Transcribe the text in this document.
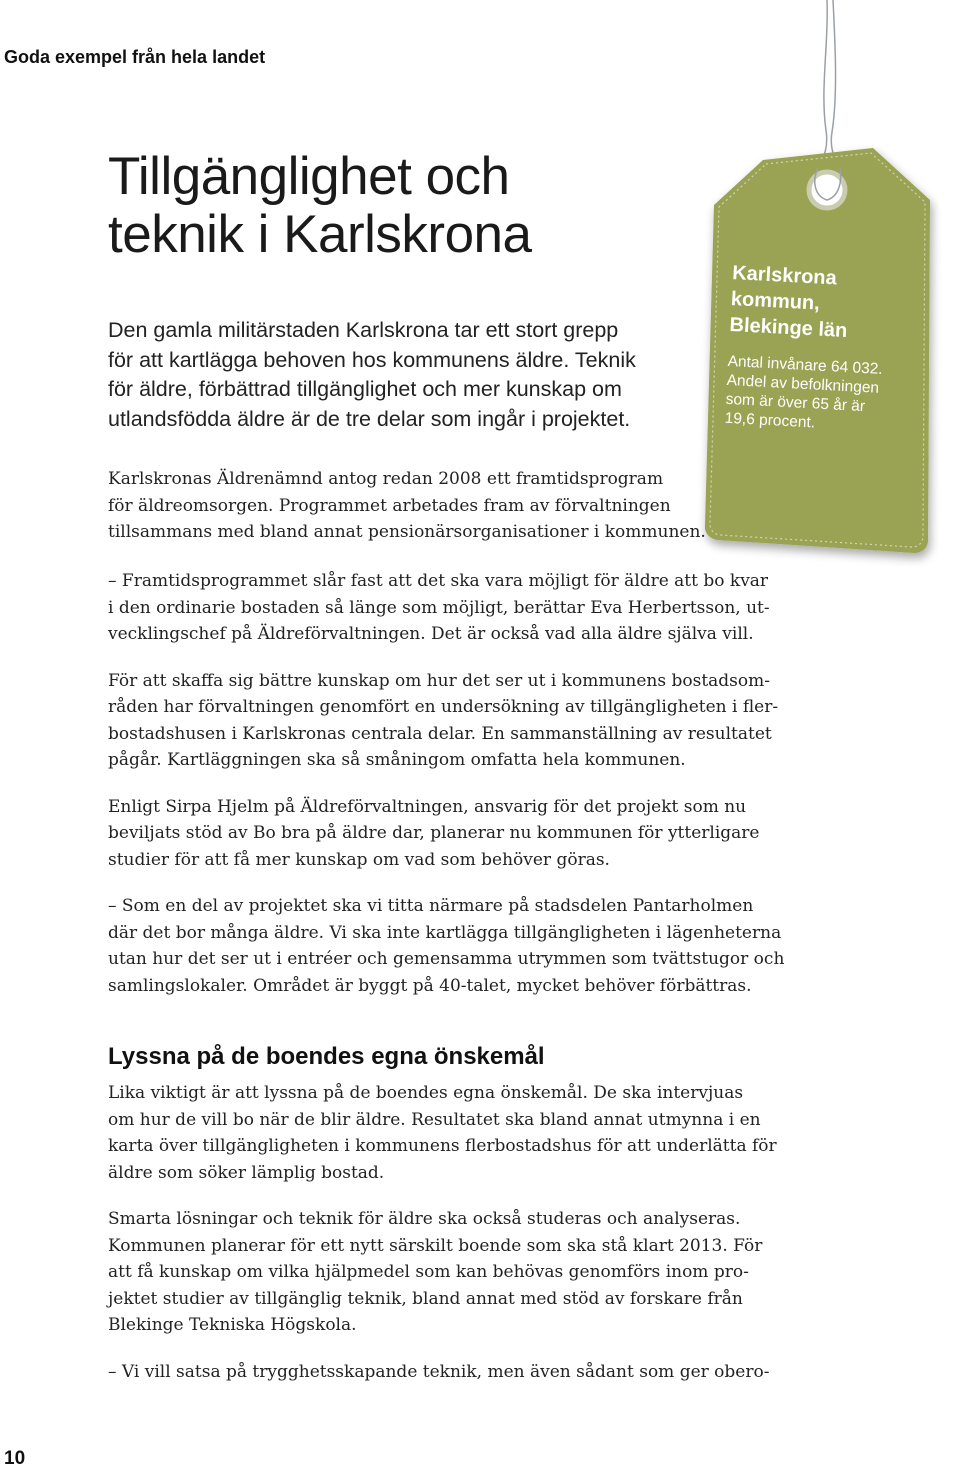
Goda exempel från hela landet
Tillgänglighet och
teknik i Karlskrona
Den gamla militärstaden Karlskrona tar ett stort grepp
för att kartlägga behoven hos kommunens äldre. Teknik
för äldre, förbättrad tillgänglighet och mer kunskap om
utlandsfödda äldre är de tre delar som ingår i projektet.

Karlskrona
kommun,
Blekinge län

Antal invånare 64 032.
Andel av befolkningen
som är över 65 år är
19,6 procent.

Karlskronas Äldrenämnd antog redan 2008 ett framtidsprogram
för äldreomsorgen. Programmet arbetades fram av förvaltningen
tillsammans med bland annat pensionärsorganisationer i kommunen.

– Framtidsprogrammet slår fast att det ska vara möjligt för äldre att bo kvar
i den ordinarie bostaden så länge som möjligt, berättar Eva Herbertsson, ut-
vecklingschef på Äldreförvaltningen. Det är också vad alla äldre själva vill.

För att skaffa sig bättre kunskap om hur det ser ut i kommunens bostadsom-
råden har förvaltningen genomfört en undersökning av tillgängligheten i fler-
bostadshusen i Karlskronas centrala delar. En sammanställning av resultatet
pågår. Kartläggningen ska så småningom omfatta hela kommunen.

Enligt Sirpa Hjelm på Äldreförvaltningen, ansvarig för det projekt som nu
beviljats stöd av Bo bra på äldre dar, planerar nu kommunen för ytterligare
studier för att få mer kunskap om vad som behöver göras.

– Som en del av projektet ska vi titta närmare på stadsdelen Pantarholmen
där det bor många äldre. Vi ska inte kartlägga tillgängligheten i lägenheterna
utan hur det ser ut i entréer och gemensamma utrymmen som tvättstugor och
samlingslokaler. Området är byggt på 40-talet, mycket behöver förbättras.

Lyssna på de boendes egna önskemål

Lika viktigt är att lyssna på de boendes egna önskemål. De ska intervjuas
om hur de vill bo när de blir äldre. Resultatet ska bland annat utmynna i en
karta över tillgängligheten i kommunens flerbostadshus för att underlätta för
äldre som söker lämplig bostad.

Smarta lösningar och teknik för äldre ska också studeras och analyseras.
Kommunen planerar för ett nytt särskilt boende som ska stå klart 2013. För
att få kunskap om vilka hjälpmedel som kan behövas genomförs inom pro-
jektet studier av tillgänglig teknik, bland annat med stöd av forskare från
Blekinge Tekniska Högskola.

– Vi vill satsa på trygghetsskapande teknik, men även sådant som ger obero-

10
